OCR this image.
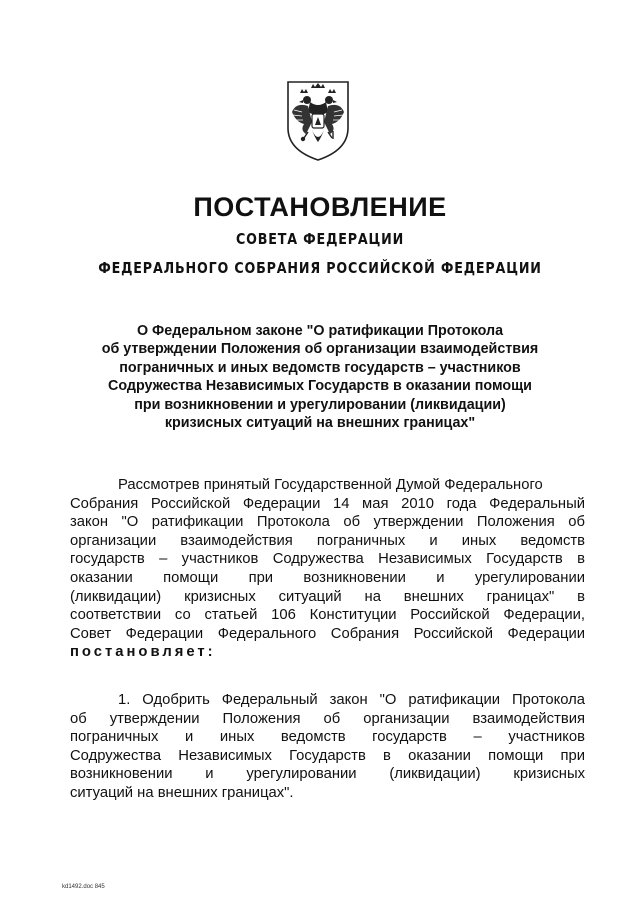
ПОСТАНОВЛЕНИЕ
СОВЕТА ФЕДЕРАЦИИ
ФЕДЕРАЛЬНОГО СОБРАНИЯ РОССИЙСКОЙ ФЕДЕРАЦИИ
О Федеральном законе "О ратификации Протокола
об утверждении Положения об организации взаимодействия
пограничных и иных ведомств государств – участников
Содружества Независимых Государств в оказании помощи
при возникновении и урегулировании (ликвидации)
кризисных ситуаций на внешних границах"
Рассмотрев принятый Государственной Думой Федерального
Собрания Российской Федерации 14 мая 2010 года Федеральный
закон "О ратификации Протокола об утверждении Положения об
организации взаимодействия пограничных и иных ведомств
государств – участников Содружества Независимых Государств в
оказании помощи при возникновении и урегулировании
(ликвидации) кризисных ситуаций на внешних границах" в
соответствии со статьей 106 Конституции Российской Федерации,
Совет Федерации Федерального Собрания Российской Федерации
постановляет:
1. Одобрить Федеральный закон "О ратификации Протокола
об утверждении Положения об организации взаимодействия
пограничных и иных ведомств государств – участников
Содружества Независимых Государств в оказании помощи при
возникновении и урегулировании (ликвидации) кризисных
ситуаций на внешних границах".
kd1492.doc 845
